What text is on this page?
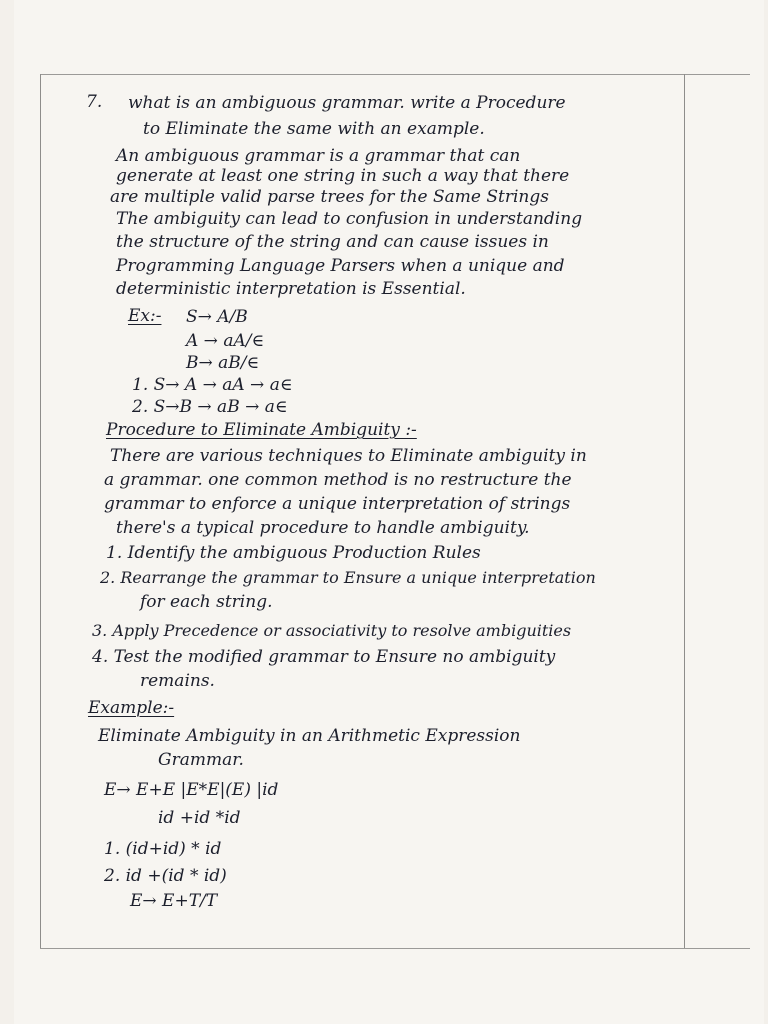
7. what is an ambiguous grammar. write a Procedure
to Eliminate the same with an example.
An ambiguous grammar is a grammar that can
generate at least one string in such a way that there
are multiple valid parse trees for the Same Strings
The ambiguity can lead to confusion in understanding
the structure of the string and can cause issues in
Programming Language Parsers when a unique and
deterministic interpretation is Essential.
Ex:- S→ A/B
A → aA/∈
B→ aB/∈
1. S→ A → aA → a∈
2. S→B → aB → a∈
Procedure to Eliminate Ambiguity :-
There are various techniques to Eliminate ambiguity in
a grammar. one common method is no restructure the
grammar to enforce a unique interpretation of strings
there's a typical procedure to handle ambiguity.
1. Identify the ambiguous Production Rules
2. Rearrange the grammar to Ensure a unique interpretation
for each string.
3. Apply Precedence or associativity to resolve ambiguities
4. Test the modified grammar to Ensure no ambiguity
remains.
Example:-
Eliminate Ambiguity in an Arithmetic Expression
Grammar.
E→ E+E |E*E|(E) |id
id +id *id
1. (id+id) * id
2. id +(id * id)
E→ E+T/T
